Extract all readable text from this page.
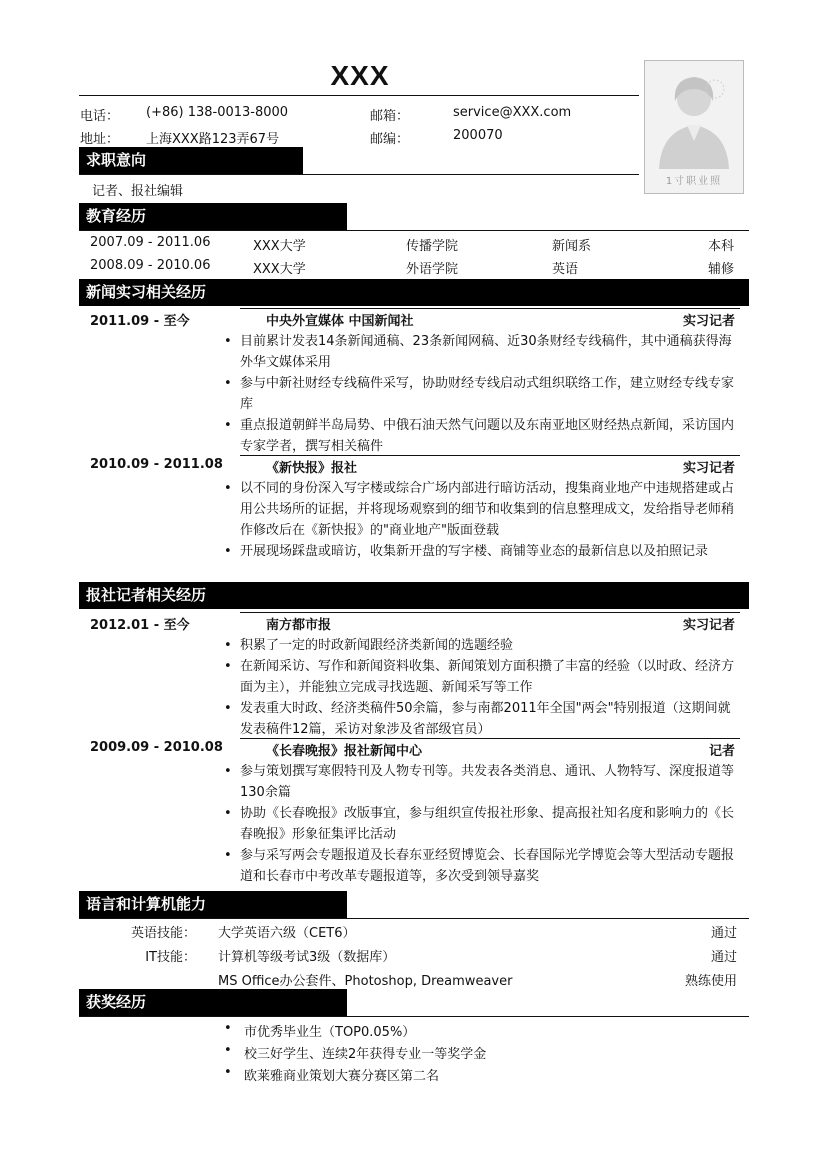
XXX
电话： (+86) 138-0013-8000	邮箱：	service@XXX.com
地址： 上海XXX路123弄67号	邮编：	200070
1寸职业照
求职意向
记者、报社编辑
教育经历
2007.09 - 2011.06	XXX大学	传播学院	新闻系	本科
2008.09 - 2010.06	XXX大学	外语学院	英语	辅修
新闻实习相关经历
2011.09 - 至今	中央外宣媒体 中国新闻社	实习记者
• 目前累计发表14条新闻通稿、23条新闻网稿、近30条财经专线稿件，其中通稿获得海外华文媒体采用
• 参与中新社财经专线稿件采写，协助财经专线启动式组织联络工作，建立财经专线专家库
• 重点报道朝鲜半岛局势、中俄石油天然气问题以及东南亚地区财经热点新闻，采访国内专家学者，撰写相关稿件
2010.09 - 2011.08	《新快报》报社	实习记者
• 以不同的身份深入写字楼或综合广场内部进行暗访活动，搜集商业地产中违规搭建或占用公共场所的证据，并将现场观察到的细节和收集到的信息整理成文，发给指导老师稍作修改后在《新快报》的"商业地产"版面登载
• 开展现场踩盘或暗访，收集新开盘的写字楼、商铺等业态的最新信息以及拍照记录
报社记者相关经历
2012.01 - 至今	南方都市报	实习记者
• 积累了一定的时政新闻跟经济类新闻的选题经验
• 在新闻采访、写作和新闻资料收集、新闻策划方面积攒了丰富的经验（以时政、经济方面为主），并能独立完成寻找选题、新闻采写等工作
• 发表重大时政、经济类稿件50余篇，参与南都2011年全国"两会"特别报道（这期间就发表稿件12篇，采访对象涉及省部级官员）
2009.09 - 2010.08	《长春晚报》报社新闻中心	记者
• 参与策划撰写寒假特刊及人物专刊等。共发表各类消息、通讯、人物特写、深度报道等130余篇
• 协助《长春晚报》改版事宜，参与组织宣传报社形象、提高报社知名度和影响力的《长春晚报》形象征集评比活动
• 参与采写两会专题报道及长春东亚经贸博览会、长春国际光学博览会等大型活动专题报道和长春市中考改革专题报道等，多次受到领导嘉奖
语言和计算机能力
英语技能： 大学英语六级（CET6）	通过
IT技能： 计算机等级考试3级（数据库）	通过
MS Office办公套件、Photoshop, Dreamweaver	熟练使用
获奖经历
• 市优秀毕业生（TOP0.05%）
• 校三好学生、连续2年获得专业一等奖学金
• 欧莱雅商业策划大赛分赛区第二名
